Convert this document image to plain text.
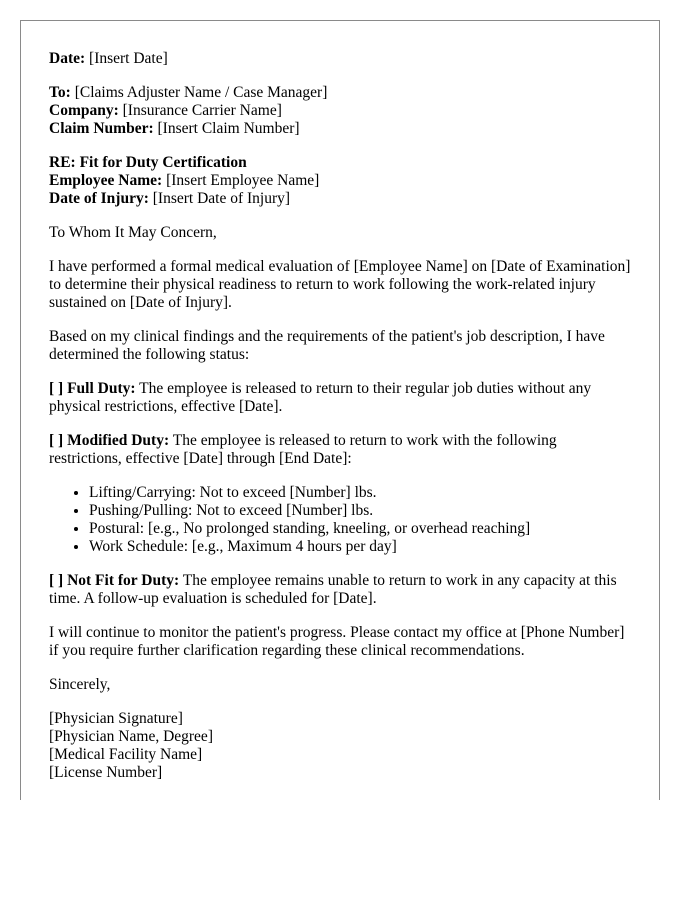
Date: [Insert Date]

To: [Claims Adjuster Name / Case Manager]
Company: [Insurance Carrier Name]
Claim Number: [Insert Claim Number]

RE: Fit for Duty Certification
Employee Name: [Insert Employee Name]
Date of Injury: [Insert Date of Injury]

To Whom It May Concern,

I have performed a formal medical evaluation of [Employee Name] on [Date of Examination] to determine their physical readiness to return to work following the work-related injury sustained on [Date of Injury].

Based on my clinical findings and the requirements of the patient's job description, I have determined the following status:

[ ] Full Duty: The employee is released to return to their regular job duties without any physical restrictions, effective [Date].

[ ] Modified Duty: The employee is released to return to work with the following restrictions, effective [Date] through [End Date]:

• Lifting/Carrying: Not to exceed [Number] lbs.
• Pushing/Pulling: Not to exceed [Number] lbs.
• Postural: [e.g., No prolonged standing, kneeling, or overhead reaching]
• Work Schedule: [e.g., Maximum 4 hours per day]

[ ] Not Fit for Duty: The employee remains unable to return to work in any capacity at this time. A follow-up evaluation is scheduled for [Date].

I will continue to monitor the patient's progress. Please contact my office at [Phone Number] if you require further clarification regarding these clinical recommendations.

Sincerely,

[Physician Signature]
[Physician Name, Degree]
[Medical Facility Name]
[License Number]
